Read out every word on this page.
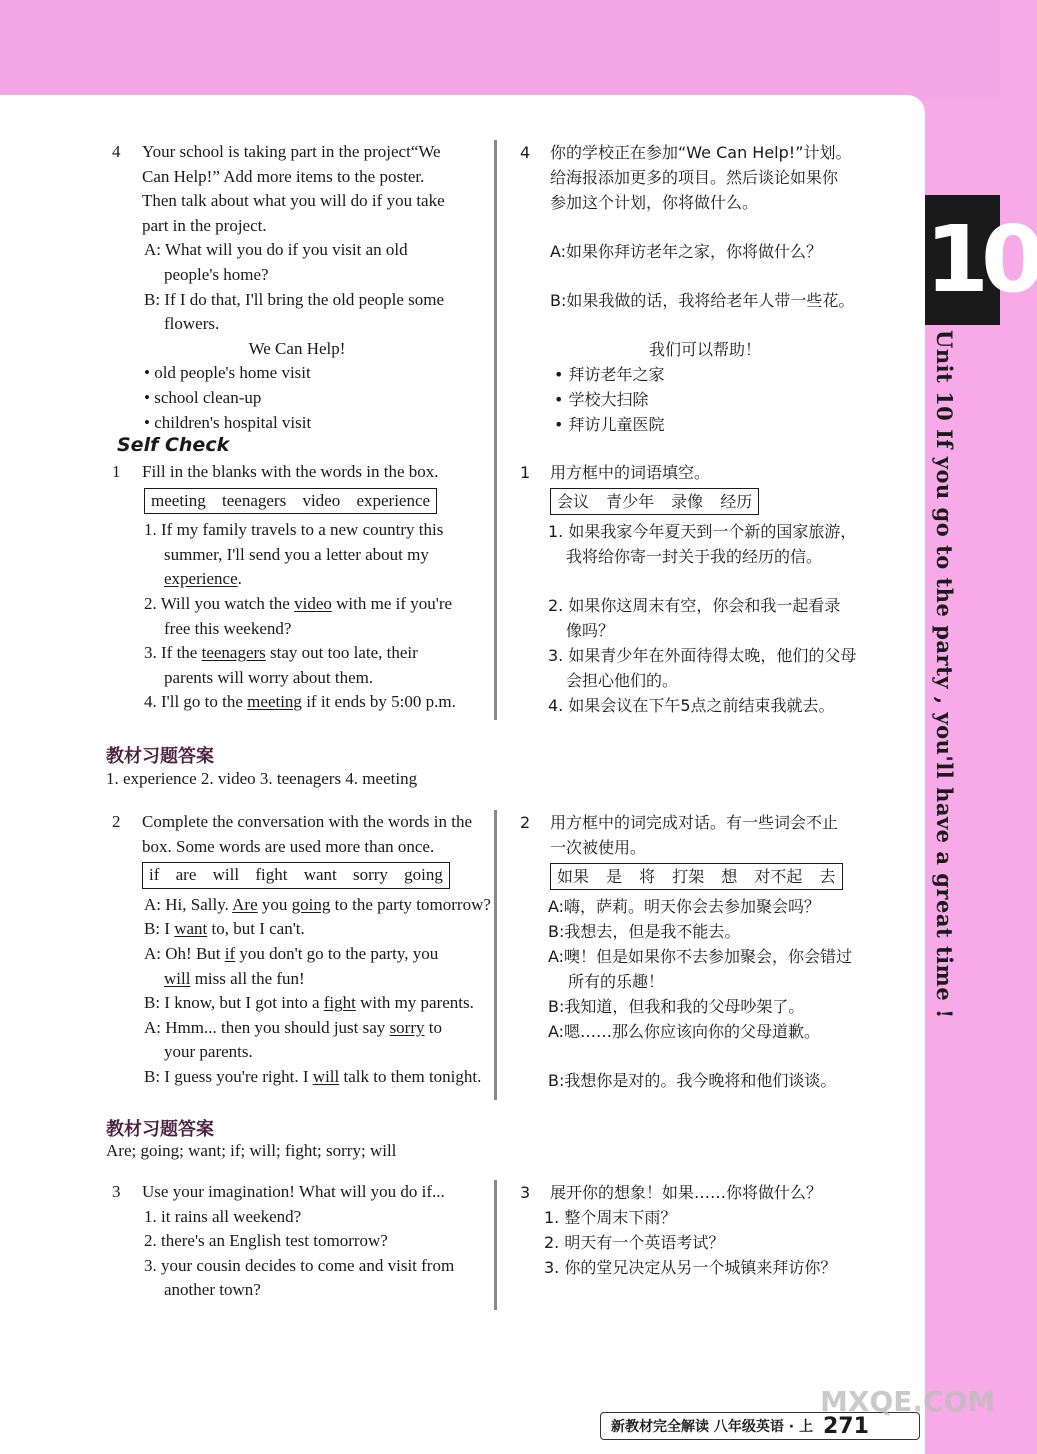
10
Unit 10 If you go to the party , you'll have a great time !
4	Your school is taking part in the project“We
Can Help!” Add more items to the poster.
Then talk about what you will do if you take
part in the project.
A: What will you do if you visit an old
people's home?
B: If I do that, I'll bring the old people some
flowers.
We Can Help!
• old people's home visit
• school clean-up
• children's hospital visit
4	你的学校正在参加“We Can Help!”计划。
给海报添加更多的项目。然后谈论如果你
参加这个计划，你将做什么。
A:如果你拜访老年之家，你将做什么？
B:如果我做的话，我将给老年人带一些花。
我们可以帮助！
• 拜访老年之家
• 学校大扫除
• 拜访儿童医院
Self Check
1	Fill in the blanks with the words in the box.
meeting teenagers video experience
1. If my family travels to a new country this
summer, I'll send you a letter about my
experience.
2. Will you watch the video with me if you're
free this weekend?
3. If the teenagers stay out too late, their
parents will worry about them.
4. I'll go to the meeting if it ends by 5:00 p.m.
1	用方框中的词语填空。
会议 青少年 录像 经历
1. 如果我家今年夏天到一个新的国家旅游，
我将给你寄一封关于我的经历的信。
2. 如果你这周末有空，你会和我一起看录
像吗？
3. 如果青少年在外面待得太晚，他们的父母
会担心他们的。
4. 如果会议在下午5点之前结束我就去。
教材习题答案
1. experience 2. video 3. teenagers 4. meeting
2	Complete the conversation with the words in the
box. Some words are used more than once.
if are will fight want sorry going
A: Hi, Sally. Are you going to the party tomorrow?
B: I want to, but I can't.
A: Oh! But if you don't go to the party, you
will miss all the fun!
B: I know, but I got into a fight with my parents.
A: Hmm... then you should just say sorry to
your parents.
B: I guess you're right. I will talk to them tonight.
2	用方框中的词完成对话。有一些词会不止
一次被使用。
如果 是 将 打架 想 对不起 去
A:嗨，萨莉。明天你会去参加聚会吗？
B:我想去，但是我不能去。
A:噢！但是如果你不去参加聚会，你会错过
所有的乐趣！
B:我知道，但我和我的父母吵架了。
A:嗯……那么你应该向你的父母道歉。
B:我想你是对的。我今晚将和他们谈谈。
教材习题答案
Are; going; want; if; will; fight; sorry; will
3	Use your imagination! What will you do if...
1. it rains all weekend?
2. there's an English test tomorrow?
3. your cousin decides to come and visit from
another town?
3	展开你的想象！如果……你将做什么？
1. 整个周末下雨？
2. 明天有一个英语考试？
3. 你的堂兄决定从另一个城镇来拜访你？
新教材完全解读 八年级英语 · 上 271
MXQE.COM
